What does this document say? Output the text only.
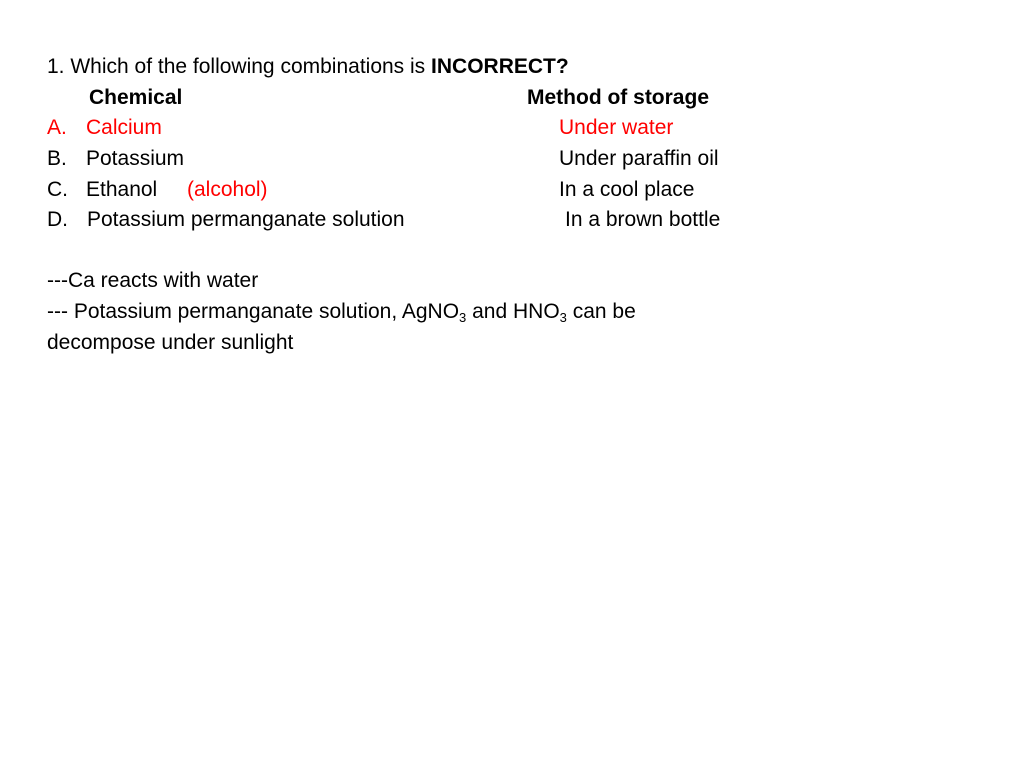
1. Which of the following combinations is INCORRECT?
Chemical	Method of storage
A. Calcium	Under water
B. Potassium	Under paraffin oil
C. Ethanol (alcohol)	In a cool place
D. Potassium permanganate solution	In a brown bottle
---Ca reacts with water
--- Potassium permanganate solution, AgNO$_3$ and $HNO_3$ can be
decompose under sunlight
